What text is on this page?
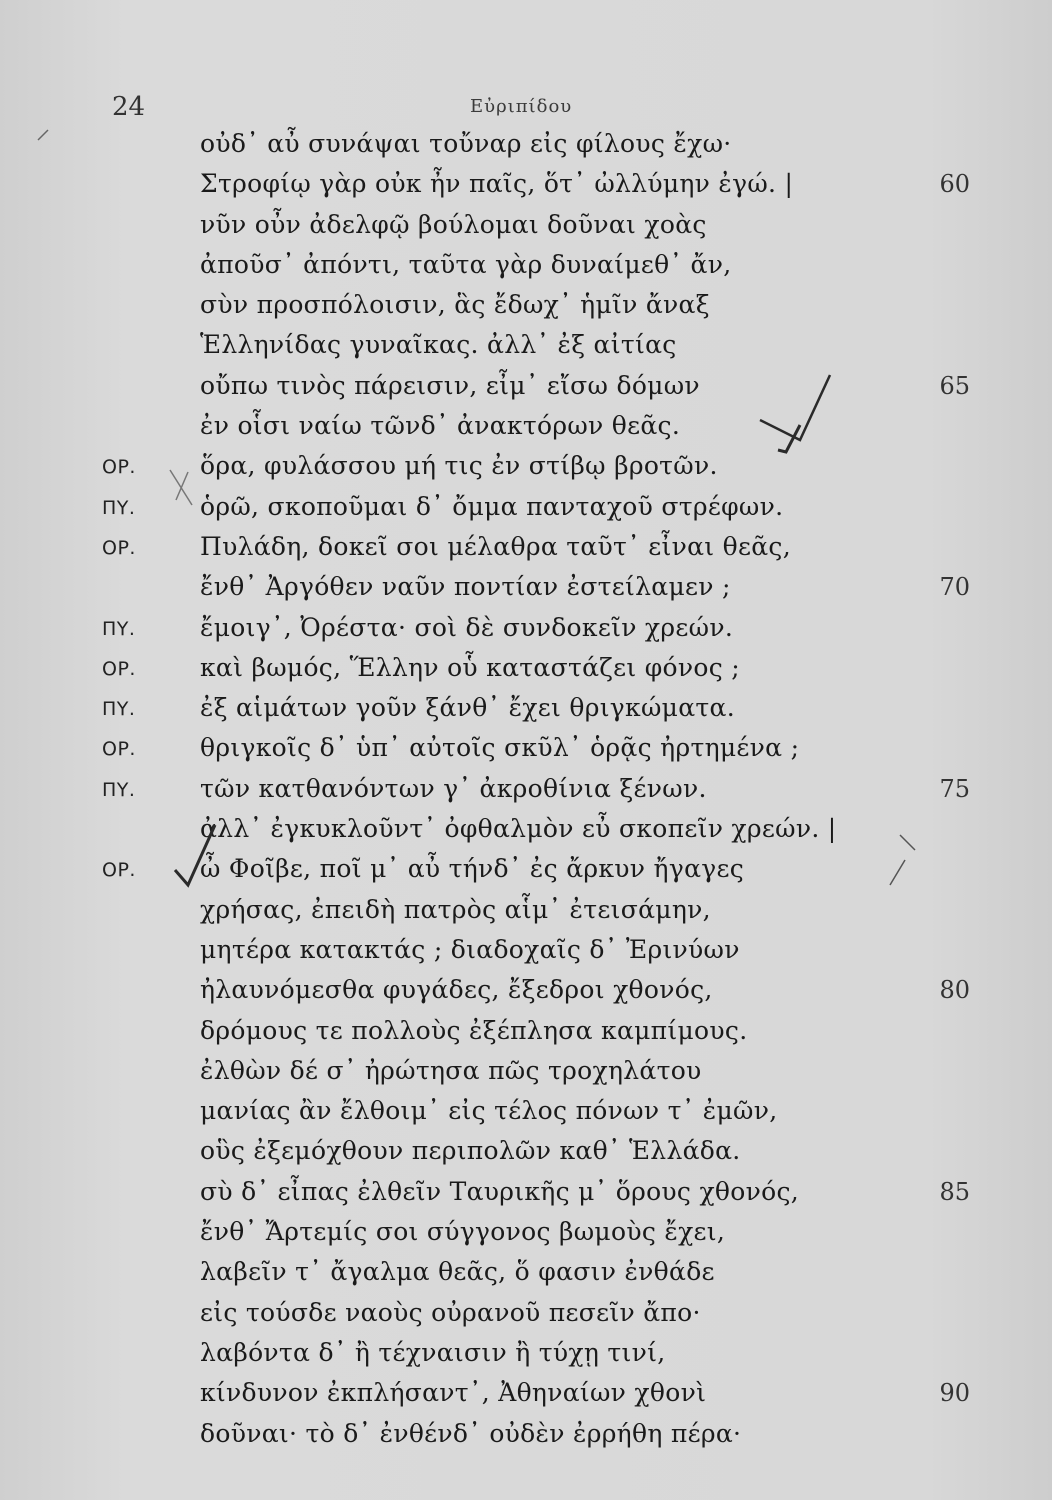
24	Εὐριπίδου
οὐδ᾽ αὖ συνάψαι τοὔναρ εἰς φίλους ἔχω·
Στροφίῳ γὰρ οὐκ ἦν παῖς, ὅτ᾽ ὠλλύμην ἐγώ. |	60
νῦν οὖν ἀδελφῷ βούλομαι δοῦναι χοὰς
ἀποῦσ᾽ ἀπόντι, ταῦτα γὰρ δυναίμεθ᾽ ἄν,
σὺν προσπόλοισιν, ἃς ἔδωχ᾽ ἡμῖν ἄναξ
Ἑλληνίδας γυναῖκας. ἀλλ᾽ ἐξ αἰτίας
οὔπω τινὸς πάρεισιν, εἶμ᾽ εἴσω δόμων	65
ἐν οἷσι ναίω τῶνδ᾽ ἀνακτόρων θεᾶς.
ΟΡ.	ὅρα, φυλάσσου μή τις ἐν στίβῳ βροτῶν.
ΠΥ.	ὁρῶ, σκοποῦμαι δ᾽ ὄμμα πανταχοῦ στρέφων.
ΟΡ.	Πυλάδη, δοκεῖ σοι μέλαθρα ταῦτ᾽ εἶναι θεᾶς,
ἔνθ᾽ Ἀργόθεν ναῦν ποντίαν ἐστείλαμεν ;	70
ΠΥ.	ἔμοιγ᾽, Ὀρέστα· σοὶ δὲ συνδοκεῖν χρεών.
ΟΡ.	καὶ βωμός, Ἕλλην οὗ καταστάζει φόνος ;
ΠΥ.	ἐξ αἱμάτων γοῦν ξάνθ᾽ ἔχει θριγκώματα.
ΟΡ.	θριγκοῖς δ᾽ ὑπ᾽ αὐτοῖς σκῦλ᾽ ὁρᾷς ἠρτημένα ;
ΠΥ.	τῶν κατθανόντων γ᾽ ἀκροθίνια ξένων.	75
ἀλλ᾽ ἐγκυκλοῦντ᾽ ὀφθαλμὸν εὖ σκοπεῖν χρεών. |
ΟΡ.	ὦ Φοῖβε, ποῖ μ᾽ αὖ τήνδ᾽ ἐς ἄρκυν ἤγαγες
χρήσας, ἐπειδὴ πατρὸς αἷμ᾽ ἐτεισάμην,
μητέρα κατακτάς ; διαδοχαῖς δ᾽ Ἐρινύων
ἠλαυνόμεσθα φυγάδες, ἔξεδροι χθονός,	80
δρόμους τε πολλοὺς ἐξέπλησα καμπίμους.
ἐλθὼν δέ σ᾽ ἠρώτησα πῶς τροχηλάτου
μανίας ἂν ἔλθοιμ᾽ εἰς τέλος πόνων τ᾽ ἐμῶν,
οὓς ἐξεμόχθουν περιπολῶν καθ᾽ Ἑλλάδα.
σὺ δ᾽ εἶπας ἐλθεῖν Ταυρικῆς μ᾽ ὅρους χθονός,	85
ἔνθ᾽ Ἄρτεμίς σοι σύγγονος βωμοὺς ἔχει,
λαβεῖν τ᾽ ἄγαλμα θεᾶς, ὅ φασιν ἐνθάδε
εἰς τούσδε ναοὺς οὐρανοῦ πεσεῖν ἄπο·
λαβόντα δ᾽ ἢ τέχναισιν ἢ τύχῃ τινί,
κίνδυνον ἐκπλήσαντ᾽, Ἀθηναίων χθονὶ	90
δοῦναι· τὸ δ᾽ ἐνθένδ᾽ οὐδὲν ἐρρήθη πέρα·
